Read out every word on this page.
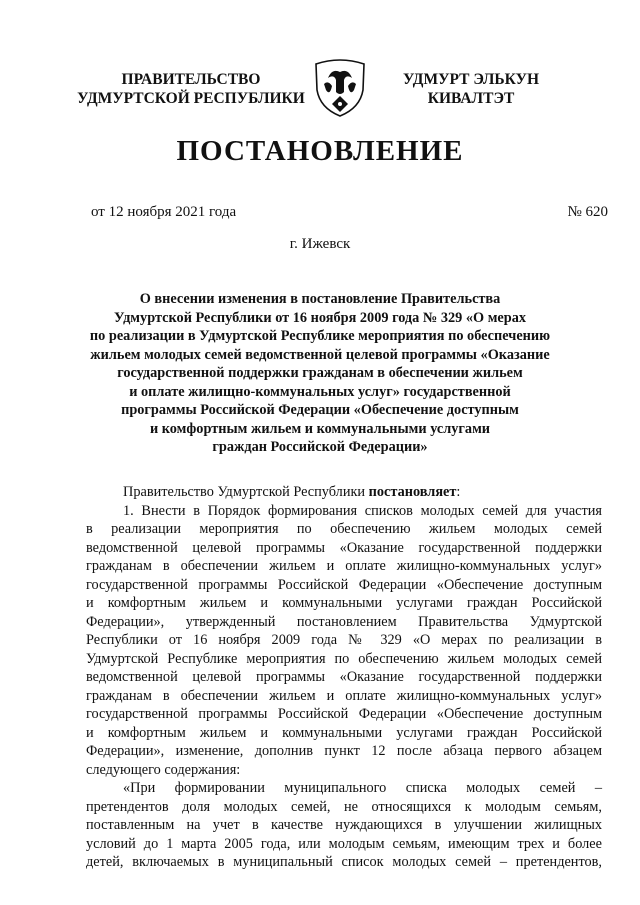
ПРАВИТЕЛЬСТВО
УДМУРТСКОЙ РЕСПУБЛИКИ
УДМУРТ ЭЛЬКУН
КИВАЛТЭТ
ПОСТАНОВЛЕНИЕ
от 12 ноября 2021 года	№ 620
г. Ижевск
О внесении изменения в постановление Правительства
Удмуртской Республики от 16 ноября 2009 года № 329 «О мерах
по реализации в Удмуртской Республике мероприятия по обеспечению
жильем молодых семей ведомственной целевой программы «Оказание
государственной поддержки гражданам в обеспечении жильем
и оплате жилищно-коммунальных услуг» государственной
программы Российской Федерации «Обеспечение доступным
и комфортным жильем и коммунальными услугами
граждан Российской Федерации»
Правительство Удмуртской Республики постановляет:
1. Внести в Порядок формирования списков молодых семей для участия
в реализации мероприятия по обеспечению жильем молодых семей
ведомственной целевой программы «Оказание государственной поддержки
гражданам в обеспечении жильем и оплате жилищно-коммунальных услуг»
государственной программы Российской Федерации «Обеспечение доступным
и комфортным жильем и коммунальными услугами граждан Российской
Федерации», утвержденный постановлением Правительства Удмуртской
Республики от 16 ноября 2009 года № 329 «О мерах по реализации в
Удмуртской Республике мероприятия по обеспечению жильем молодых семей
ведомственной целевой программы «Оказание государственной поддержки
гражданам в обеспечении жильем и оплате жилищно-коммунальных услуг»
государственной программы Российской Федерации «Обеспечение доступным
и комфортным жильем и коммунальными услугами граждан Российской
Федерации», изменение, дополнив пункт 12 после абзаца первого абзацем
следующего содержания:
«При формировании муниципального списка молодых семей –
претендентов доля молодых семей, не относящихся к молодым семьям,
поставленным на учет в качестве нуждающихся в улучшении жилищных
условий до 1 марта 2005 года, или молодым семьям, имеющим трех и более
детей, включаемых в муниципальный список молодых семей – претендентов,
